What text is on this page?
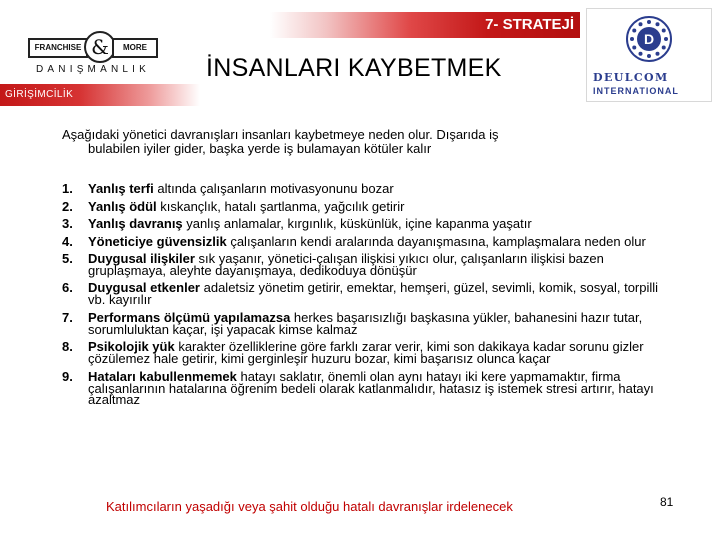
FRANCHISE &	MORE
DANIŞMANLIK
7- STRATEJİ
İNSANLARI KAYBETMEK
D
DEULCOM
INTERNATIONAL
GİRİŞİMCİLİK
Aşağıdaki yönetici davranışları insanları kaybetmeye neden olur. Dışarıda iş
bulabilen iyiler gider, başka yerde iş bulamayan kötüler kalır
1. Yanlış terfi altında çalışanların motivasyonunu bozar
2. Yanlış ödül kıskançlık, hatalı şartlanma, yağcılık getirir
3. Yanlış davranış yanlış anlamalar, kırgınlık, küskünlük, içine kapanma yaşatır
4. Yöneticiye güvensizlik çalışanların kendi aralarında dayanışmasına, kamplaşmalara neden olur
5. Duygusal ilişkiler sık yaşanır, yönetici-çalışan ilişkisi yıkıcı olur, çalışanların ilişkisi bazen gruplaşmaya, aleyhte dayanışmaya, dedikoduya dönüşür
6. Duygusal etkenler adaletsiz yönetim getirir, emektar, hemşeri, güzel, sevimli, komik, sosyal, torpilli vb. kayırılır
7. Performans ölçümü yapılamazsa herkes başarısızlığı başkasına yükler, bahanesini hazır tutar, sorumluluktan kaçar, işi yapacak kimse kalmaz
8. Psikolojik yük karakter özelliklerine göre farklı zarar verir, kimi son dakikaya kadar sorunu gizler çözülemez hale getirir, kimi gerginleşir huzuru bozar, kimi başarısız olunca kaçar
9. Hataları kabullenmemek hatayı saklatır, önemli olan aynı hatayı iki kere yapmamaktır, firma çalışanlarının hatalarına öğrenim bedeli olarak katlanmalıdır, hatasız iş istemek stresi artırır, hatayı azaltmaz
Katılımcıların yaşadığı veya şahit olduğu hatalı davranışlar irdelenecek	81
